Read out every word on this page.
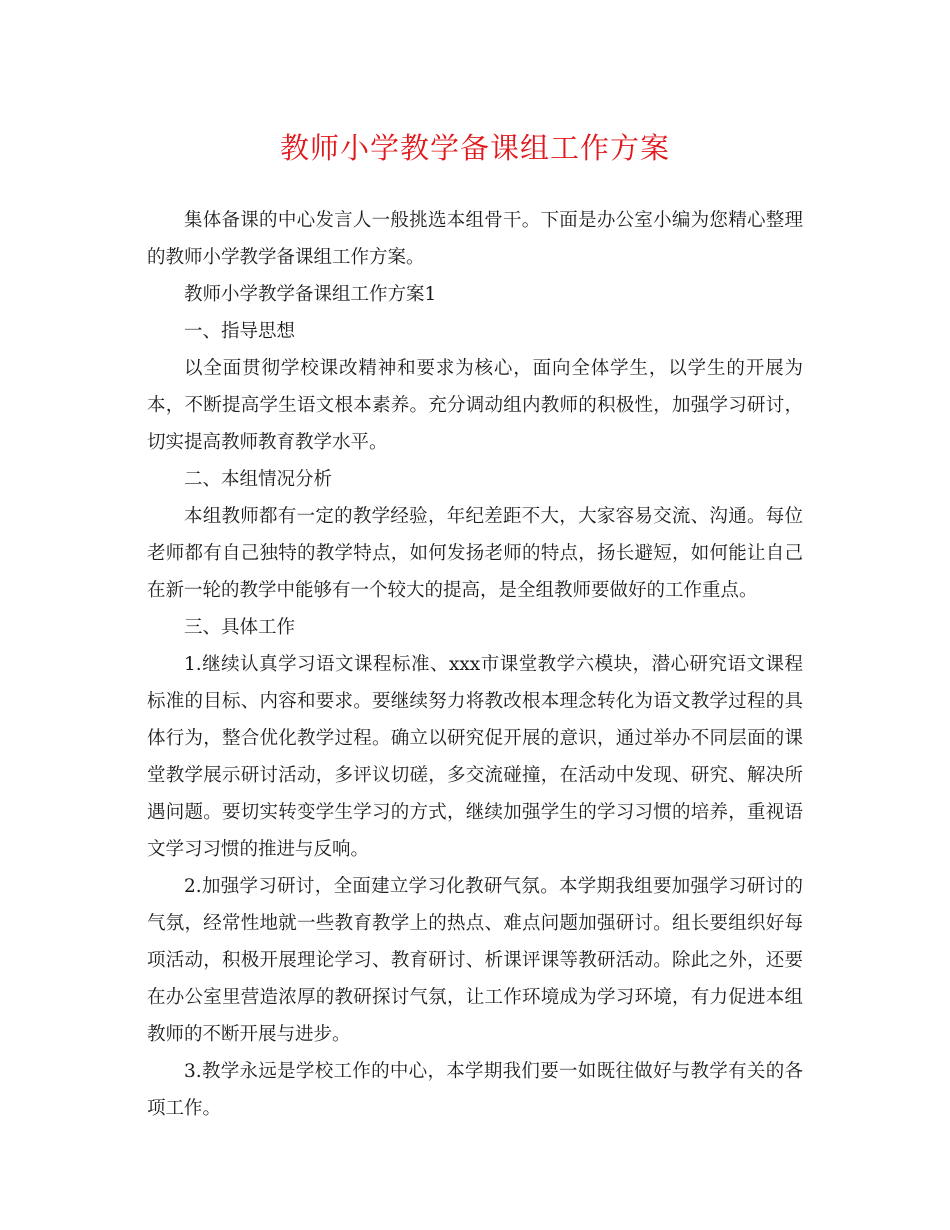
教师小学教学备课组工作方案

集体备课的中心发言人一般挑选本组骨干。下面是办公室小编为您精心整理的教师小学教学备课组工作方案。

教师小学教学备课组工作方案1

一、指导思想

以全面贯彻学校课改精神和要求为核心，面向全体学生，以学生的开展为本，不断提高学生语文根本素养。充分调动组内教师的积极性，加强学习研讨，切实提高教师教育教学水平。

二、本组情况分析

本组教师都有一定的教学经验，年纪差距不大，大家容易交流、沟通。每位老师都有自己独特的教学特点，如何发扬老师的特点，扬长避短，如何能让自己在新一轮的教学中能够有一个较大的提高，是全组教师要做好的工作重点。

三、具体工作

1.继续认真学习语文课程标准、xxx市课堂教学六模块，潜心研究语文课程标准的目标、内容和要求。要继续努力将教改根本理念转化为语文教学过程的具体行为，整合优化教学过程。确立以研究促开展的意识，通过举办不同层面的课堂教学展示研讨活动，多评议切磋，多交流碰撞，在活动中发现、研究、解决所遇问题。要切实转变学生学习的方式，继续加强学生的学习习惯的培养，重视语文学习习惯的推进与反响。

2.加强学习研讨，全面建立学习化教研气氛。本学期我组要加强学习研讨的气氛，经常性地就一些教育教学上的热点、难点问题加强研讨。组长要组织好每项活动，积极开展理论学习、教育研讨、析课评课等教研活动。除此之外，还要在办公室里营造浓厚的教研探讨气氛，让工作环境成为学习环境，有力促进本组教师的不断开展与进步。

3.教学永远是学校工作的中心，本学期我们要一如既往做好与教学有关的各项工作。
